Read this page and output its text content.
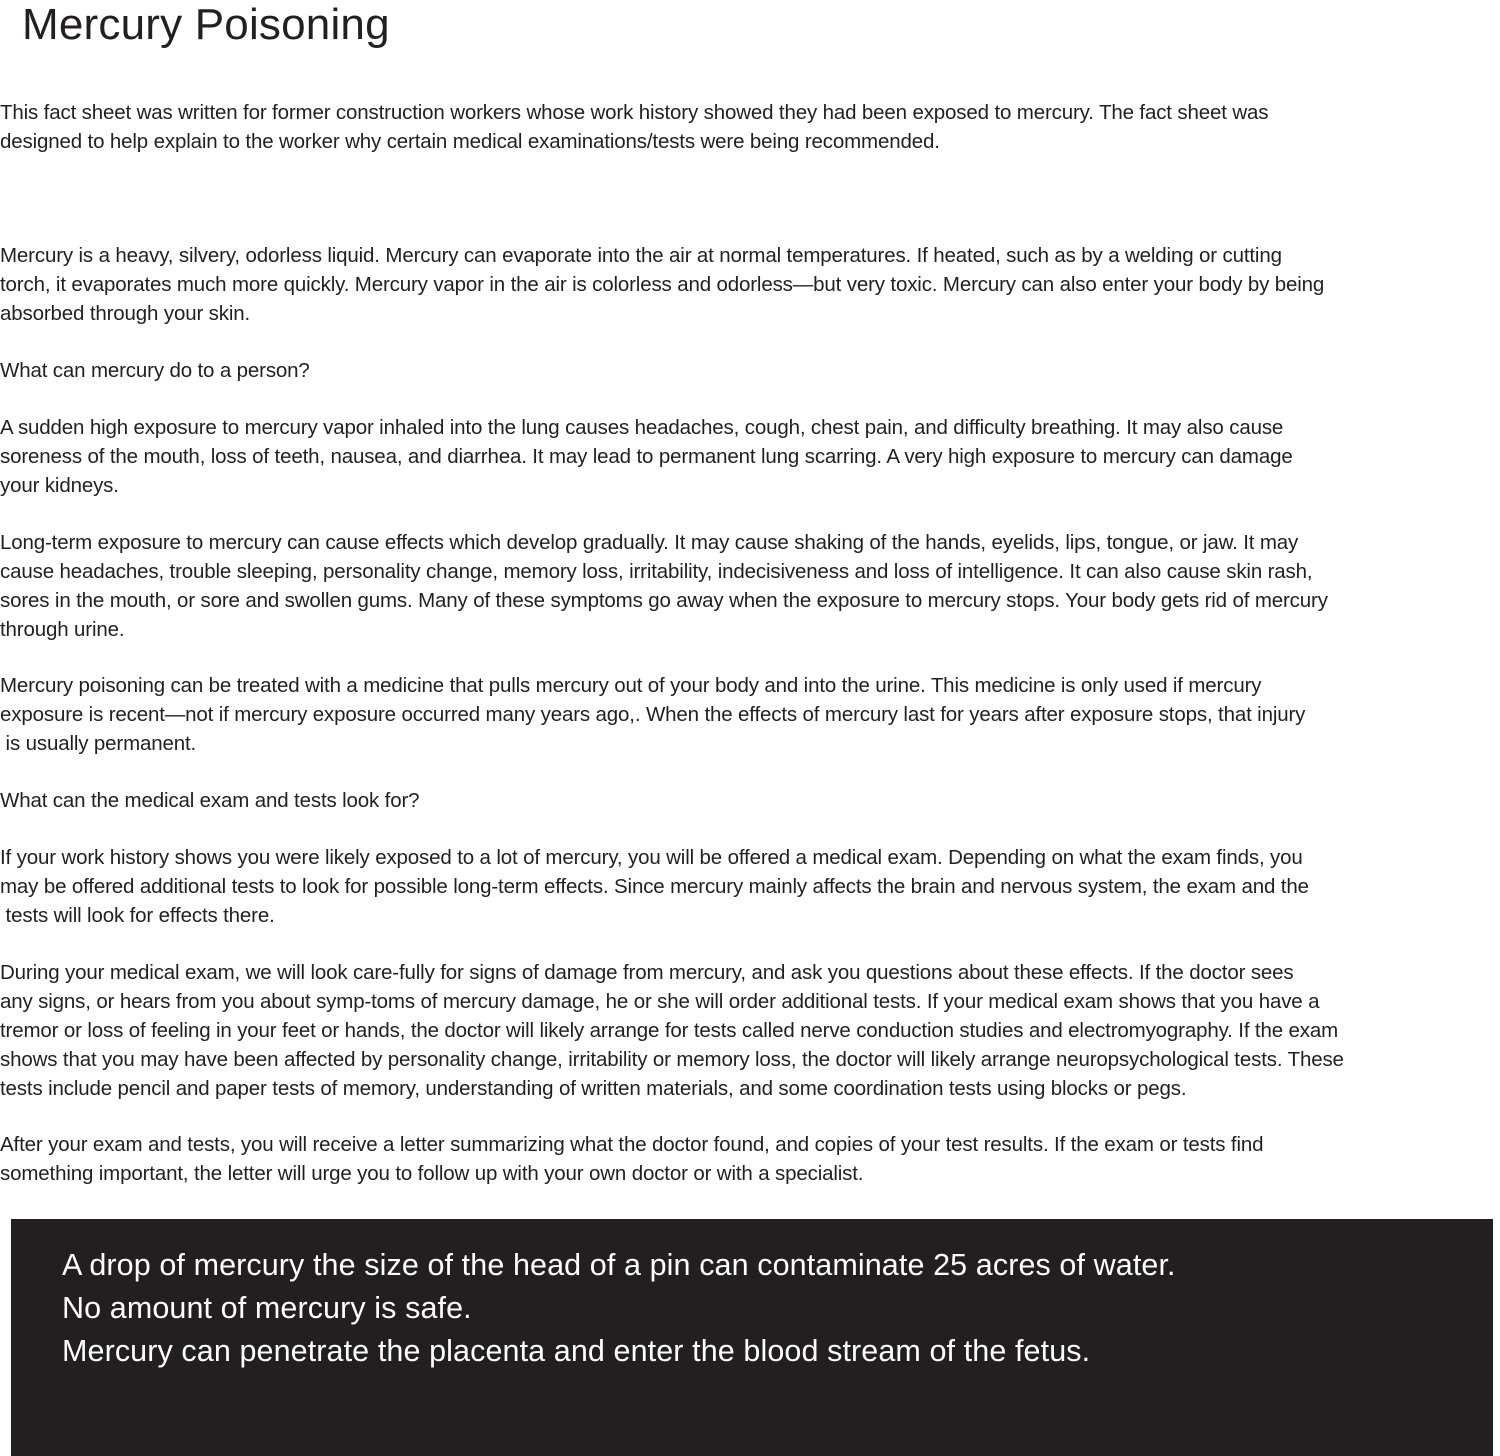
Mercury Poisoning
This fact sheet was written for former construction workers whose work history showed they had been exposed to mercury. The fact sheet was
designed to help explain to the worker why certain medical examinations/tests were being recommended.
Mercury is a heavy, silvery, odorless liquid. Mercury can evaporate into the air at normal temperatures. If heated, such as by a welding or cutting
torch, it evaporates much more quickly. Mercury vapor in the air is colorless and odorless—but very toxic. Mercury can also enter your body by being
absorbed through your skin.
What can mercury do to a person?
A sudden high exposure to mercury vapor inhaled into the lung causes headaches, cough, chest pain, and difficulty breathing. It may also cause
soreness of the mouth, loss of teeth, nausea, and diarrhea. It may lead to permanent lung scarring. A very high exposure to mercury can damage
your kidneys.
Long-term exposure to mercury can cause effects which develop gradually. It may cause shaking of the hands, eyelids, lips, tongue, or jaw. It may
cause headaches, trouble sleeping, personality change, memory loss, irritability, indecisiveness and loss of intelligence. It can also cause skin rash,
sores in the mouth, or sore and swollen gums. Many of these symptoms go away when the exposure to mercury stops. Your body gets rid of mercury
through urine.
Mercury poisoning can be treated with a medicine that pulls mercury out of your body and into the urine. This medicine is only used if mercury
exposure is recent—not if mercury exposure occurred many years ago,. When the effects of mercury last for years after exposure stops, that injury
is usually permanent.
What can the medical exam and tests look for?
If your work history shows you were likely exposed to a lot of mercury, you will be offered a medical exam. Depending on what the exam finds, you
may be offered additional tests to look for possible long-term effects. Since mercury mainly affects the brain and nervous system, the exam and the
tests will look for effects there.
During your medical exam, we will look care-fully for signs of damage from mercury, and ask you questions about these effects. If the doctor sees
any signs, or hears from you about symp-toms of mercury damage, he or she will order additional tests. If your medical exam shows that you have a
tremor or loss of feeling in your feet or hands, the doctor will likely arrange for tests called nerve conduction studies and electromyography. If the exam
shows that you may have been affected by personality change, irritability or memory loss, the doctor will likely arrange neuropsychological tests. These
tests include pencil and paper tests of memory, understanding of written materials, and some coordination tests using blocks or pegs.
After your exam and tests, you will receive a letter summarizing what the doctor found, and copies of your test results. If the exam or tests find
something important, the letter will urge you to follow up with your own doctor or with a specialist.
A drop of mercury the size of the head of a pin can contaminate 25 acres of water.
No amount of mercury is safe.
Mercury can penetrate the placenta and enter the blood stream of the fetus.
